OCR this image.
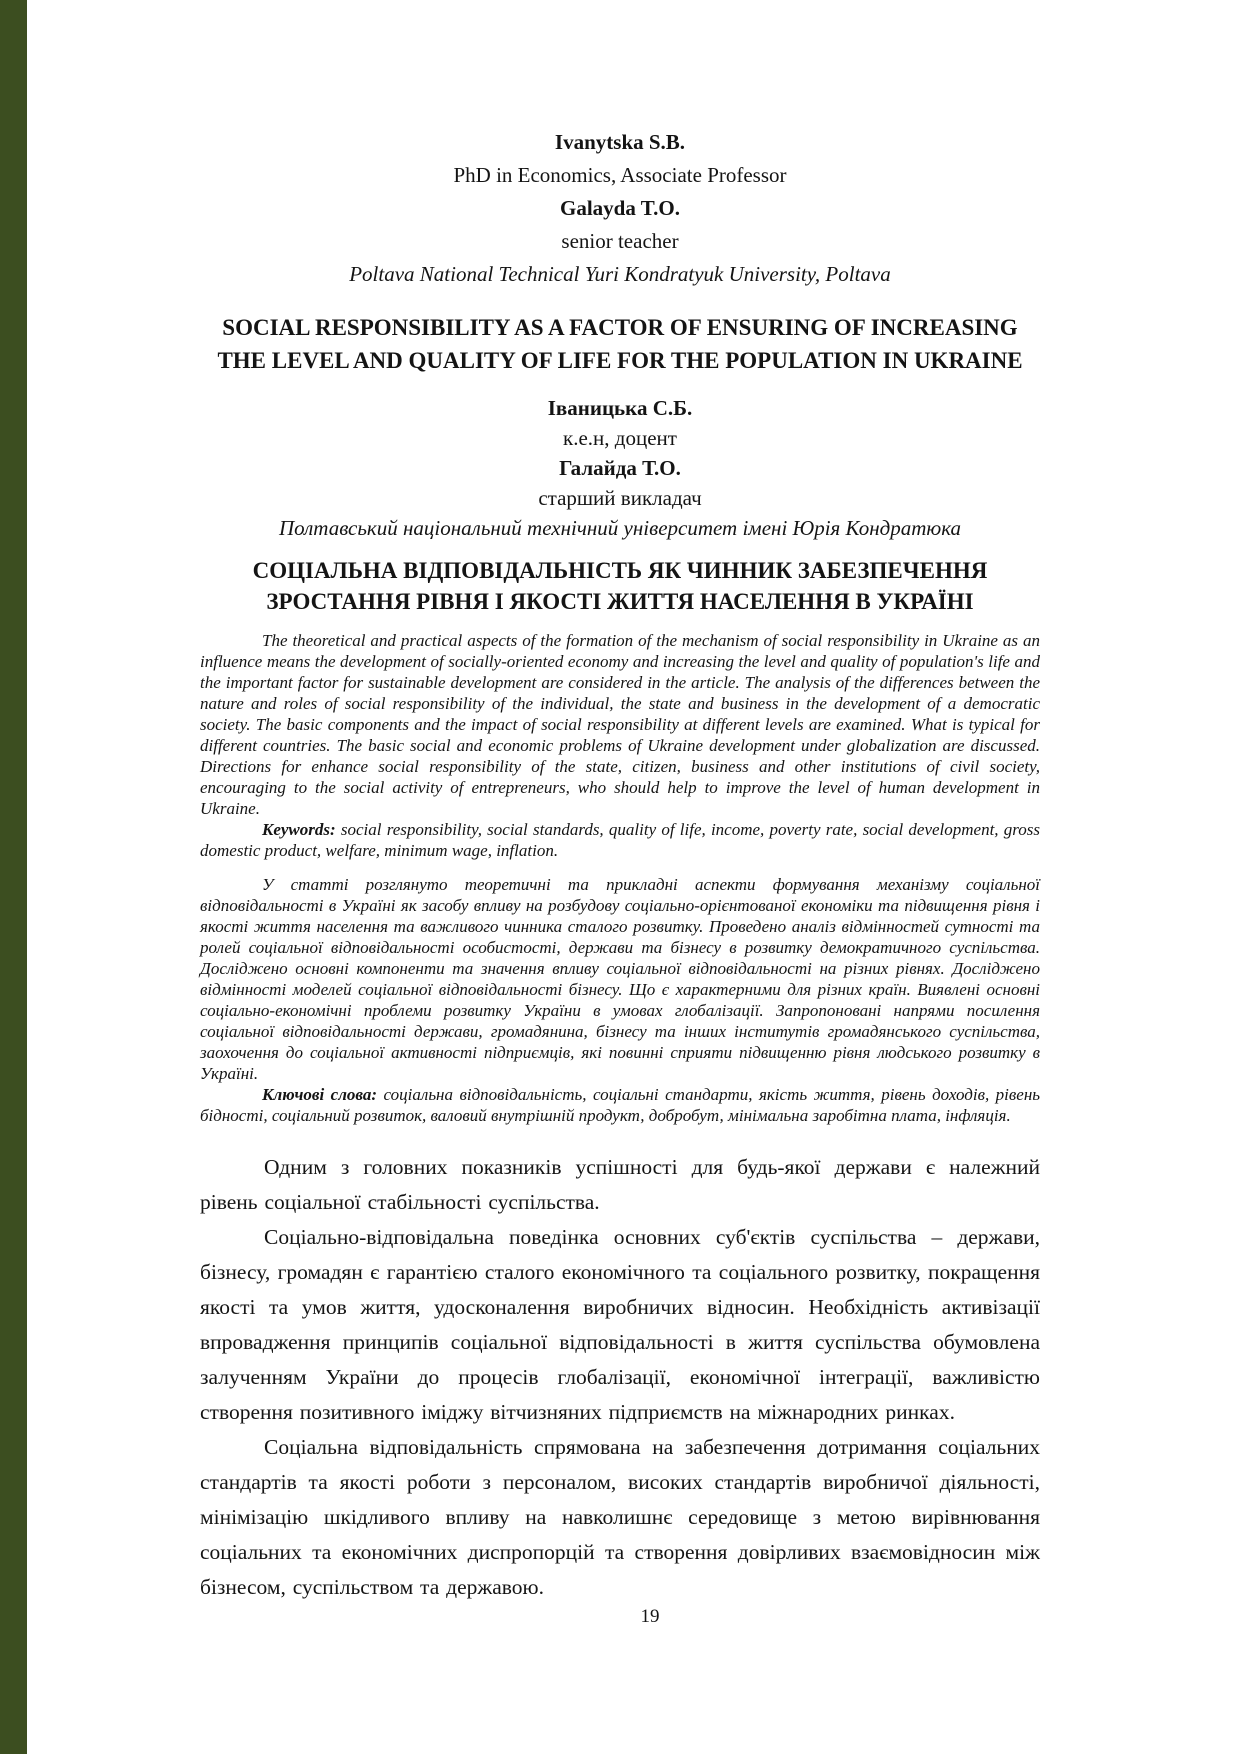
Ivanytska S.B.
PhD in Economics, Associate Professor
Galayda T.O.
senior teacher
Poltava National Technical Yuri Kondratyuk University, Poltava
SOCIAL RESPONSIBILITY AS A FACTOR OF ENSURING OF INCREASING THE LEVEL AND QUALITY OF LIFE FOR THE POPULATION IN UKRAINE
Іваницька С.Б.
к.е.н, доцент
Галайда Т.О.
старший викладач
Полтавський національний технічний університет імені Юрія Кондратюка
СОЦІАЛЬНА ВІДПОВІДАЛЬНІСТЬ ЯК ЧИННИК ЗАБЕЗПЕЧЕННЯ ЗРОСТАННЯ РІВНЯ І ЯКОСТІ ЖИТТЯ НАСЕЛЕННЯ В УКРАЇНІ

The theoretical and practical aspects of the formation of the mechanism of social responsibility in Ukraine as an influence means the development of socially-oriented economy and increasing the level and quality of population's life and the important factor for sustainable development are considered in the article. The analysis of the differences between the nature and roles of social responsibility of the individual, the state and business in the development of a democratic society. The basic components and the impact of social responsibility at different levels are examined. What is typical for different countries. The basic social and economic problems of Ukraine development under globalization are discussed. Directions for enhance social responsibility of the state, citizen, business and other institutions of civil society, encouraging to the social activity of entrepreneurs, who should help to improve the level of human development in Ukraine.

Keywords: social responsibility, social standards, quality of life, income, poverty rate, social development, gross domestic product, welfare, minimum wage, inflation.

У статті розглянуто теоретичні та прикладні аспекти формування механізму соціальної відповідальності в Україні як засобу впливу на розбудову соціально-орієнтованої економіки та підвищення рівня і якості життя населення та важливого чинника сталого розвитку. Проведено аналіз відмінностей сутності та ролей соціальної відповідальності особистості, держави та бізнесу в розвитку демократичного суспільства. Досліджено основні компоненти та значення впливу соціальної відповідальності на різних рівнях. Досліджено відмінності моделей соціальної відповідальності бізнесу. Що є характерними для різних країн. Виявлені основні соціально-економічні проблеми розвитку України в умовах глобалізації. Запропоновані напрями посилення соціальної відповідальності держави, громадянина, бізнесу та інших інститутів громадянського суспільства, заохочення до соціальної активності підприємців, які повинні сприяти підвищенню рівня людського розвитку в Україні.

Ключові слова: соціальна відповідальність, соціальні стандарти, якість життя, рівень доходів, рівень бідності, соціальний розвиток, валовий внутрішній продукт, добробут, мінімальна заробітна плата, інфляція.

Одним з головних показників успішності для будь-якої держави є належний рівень соціальної стабільності суспільства.

Соціально-відповідальна поведінка основних суб'єктів суспільства – держави, бізнесу, громадян є гарантією сталого економічного та соціального розвитку, покращення якості та умов життя, удосконалення виробничих відносин. Необхідність активізації впровадження принципів соціальної відповідальності в життя суспільства обумовлена залученням України до процесів глобалізації, економічної інтеграції, важливістю створення позитивного іміджу вітчизняних підприємств на міжнародних ринках.

Соціальна відповідальність спрямована на забезпечення дотримання соціальних стандартів та якості роботи з персоналом, високих стандартів виробничої діяльності, мінімізацію шкідливого впливу на навколишнє середовище з метою вирівнювання соціальних та економічних диспропорцій та створення довірливих взаємовідносин між бізнесом, суспільством та державою.

19
